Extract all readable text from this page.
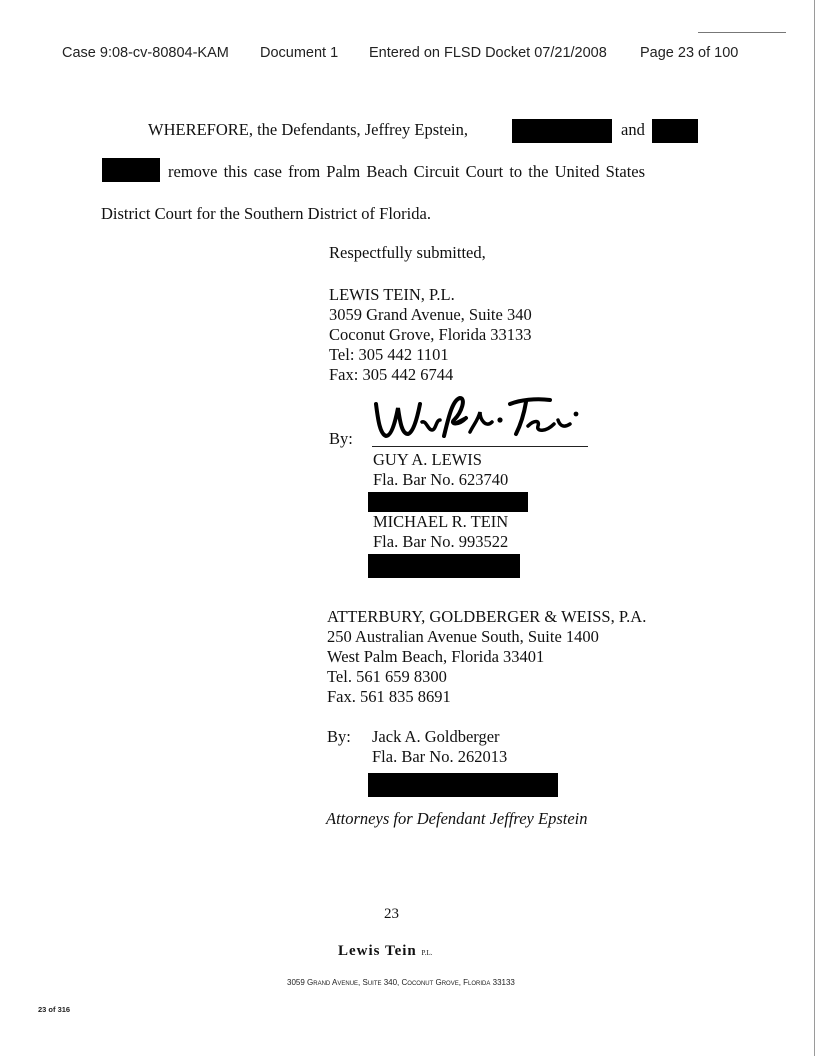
Case 9:08-cv-80804-KAM Document 1 Entered on FLSD Docket 07/21/2008 Page 23 of 100
WHEREFORE, the Defendants, Jeffrey Epstein,	and
remove this case from Palm Beach Circuit Court to the United States
District Court for the Southern District of Florida.
Respectfully submitted,
LEWIS TEIN, P.L.
3059 Grand Avenue, Suite 340
Coconut Grove, Florida 33133
Tel: 305 442 1101
Fax: 305 442 6744
By:
GUY A. LEWIS
Fla. Bar No. 623740
MICHAEL R. TEIN
Fla. Bar No. 993522
ATTERBURY, GOLDBERGER & WEISS, P.A.
250 Australian Avenue South, Suite 1400
West Palm Beach, Florida 33401
Tel. 561 659 8300
Fax. 561 835 8691
By: Jack A. Goldberger
Fla. Bar No. 262013
Attorneys for Defendant Jeffrey Epstein
23
Lewis Tein P.L.
3059 Grand Avenue, Suite 340, Coconut Grove, Florida 33133
23 of 316
